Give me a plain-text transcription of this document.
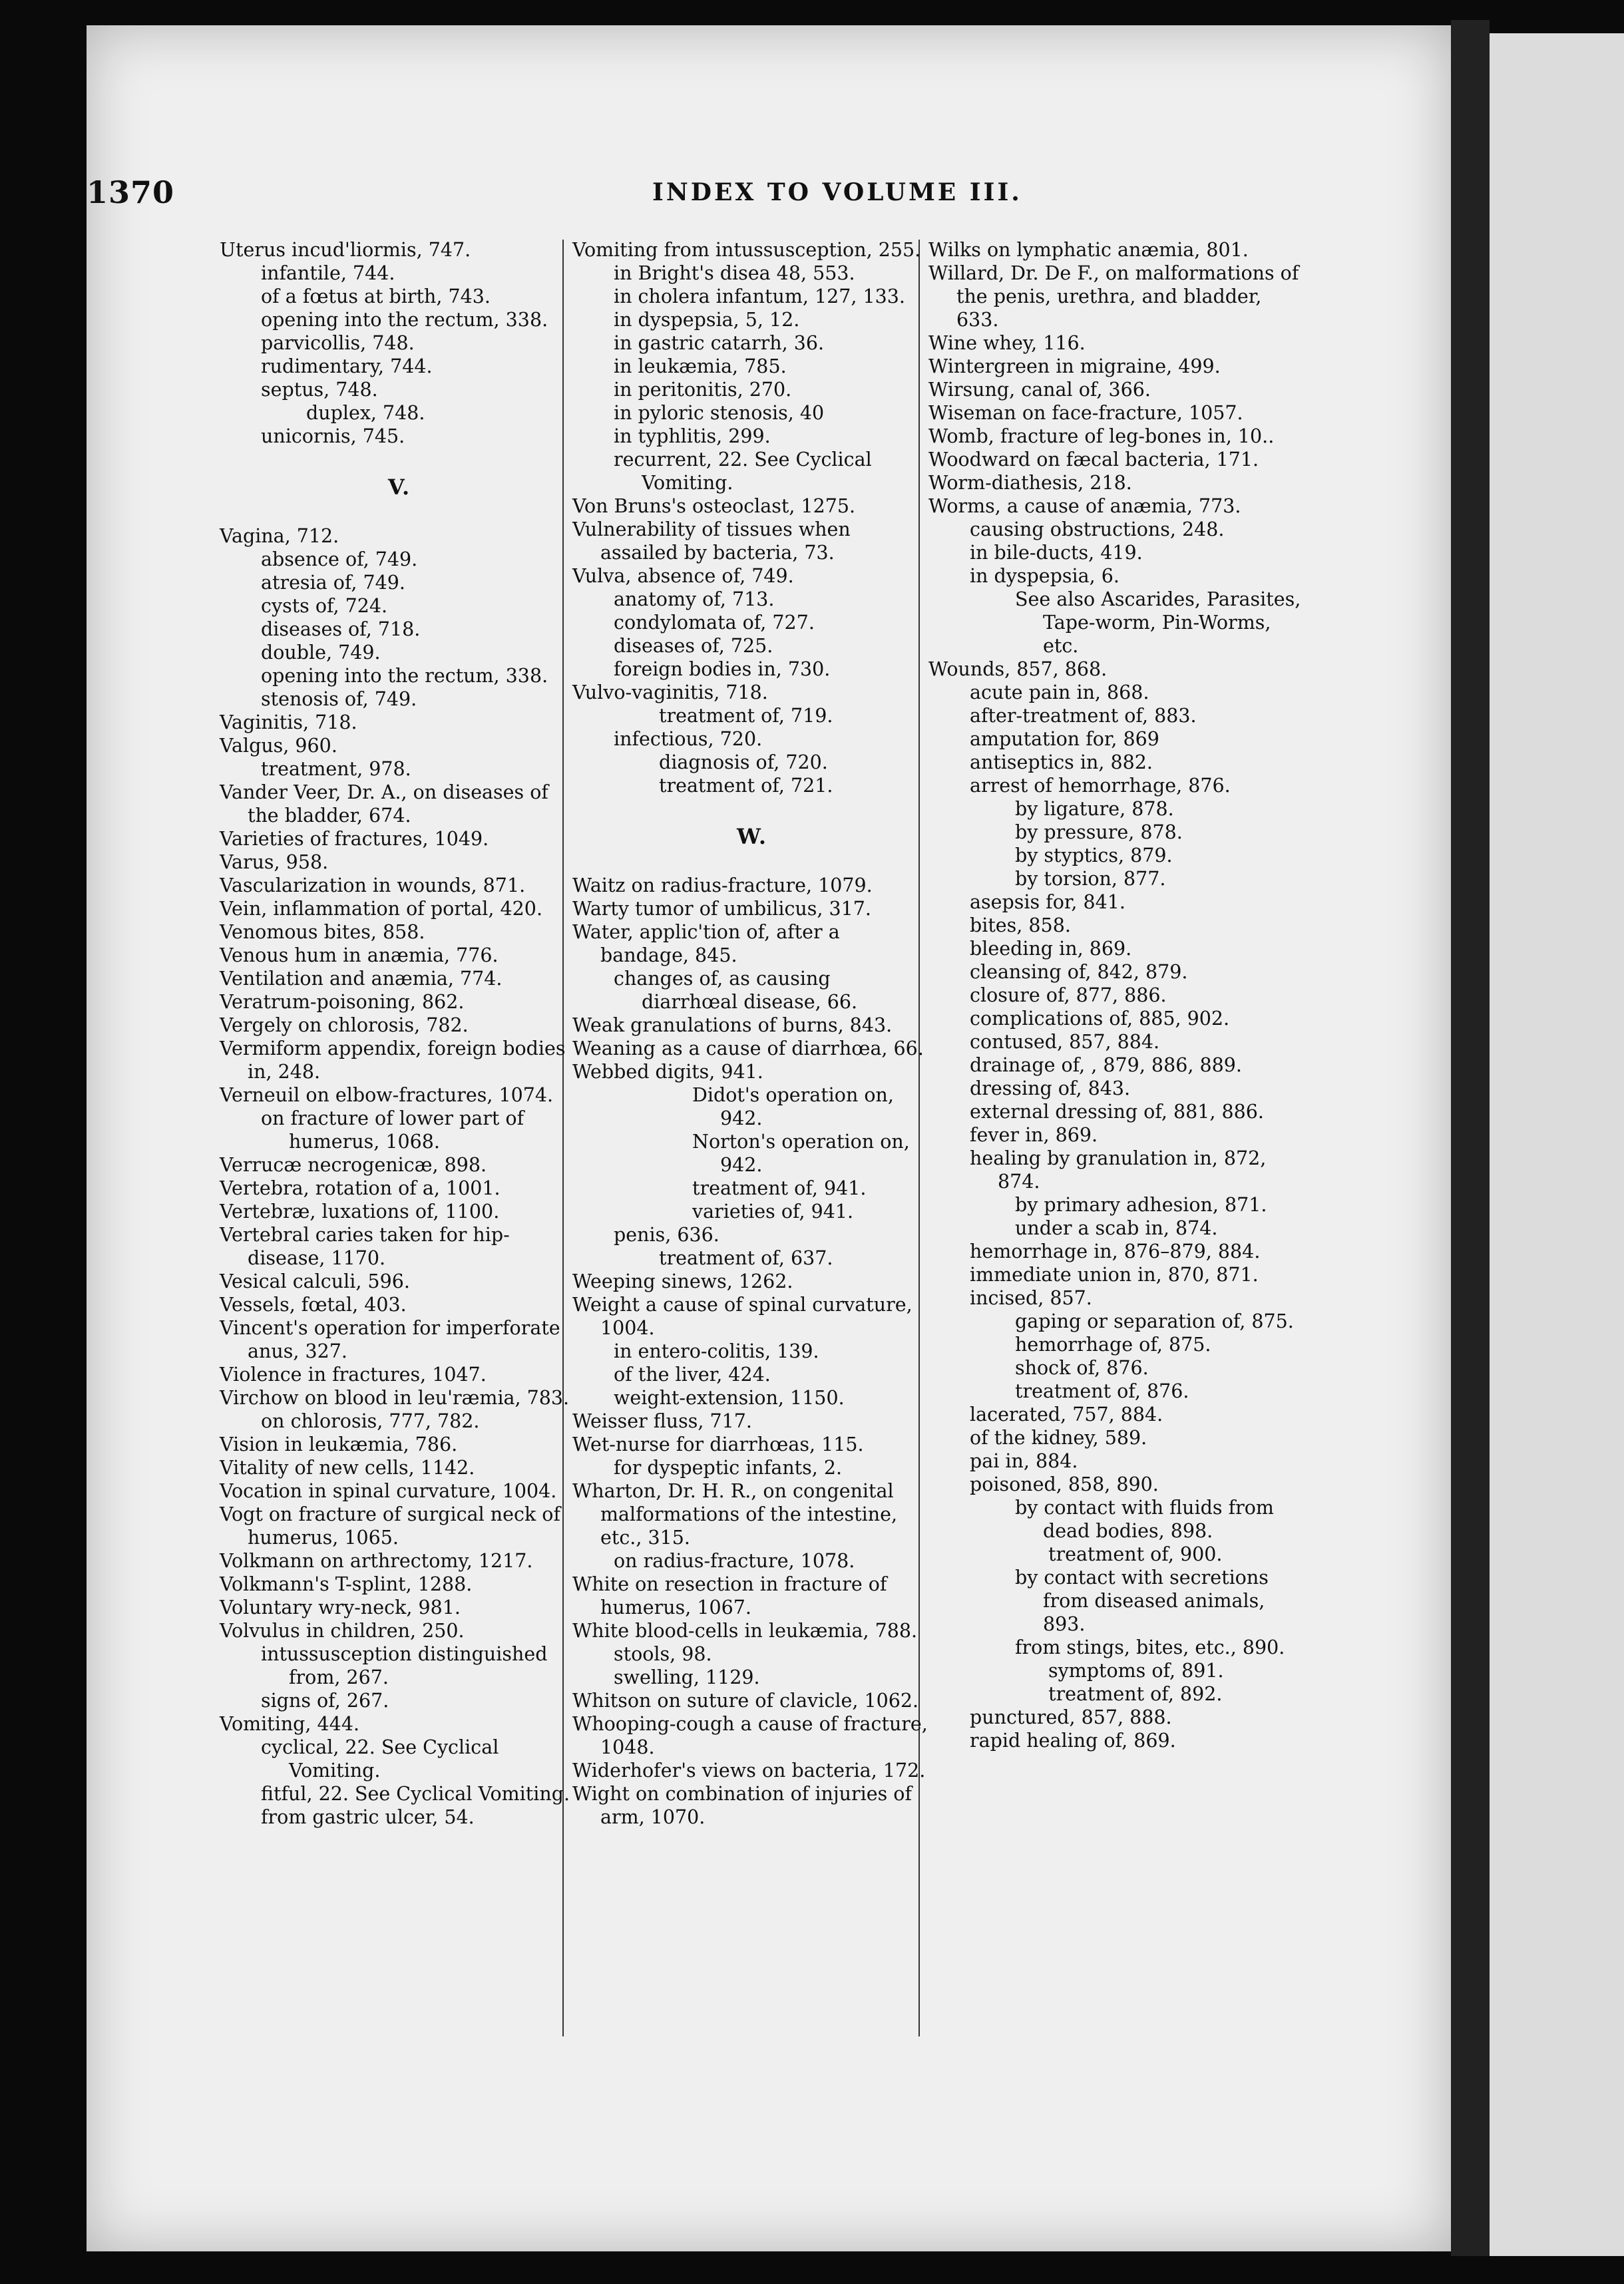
1370	INDEX TO VOLUME III.
Uterus incud'liormis, 747.
infantile, 744.
of a fœtus at birth, 743.
opening into the rectum, 338.
parvicollis, 748.
rudimentary, 744.
septus, 748.
duplex, 748.
unicornis, 745.
V.
Vagina, 712.
absence of, 749.
atresia of, 749.
cysts of, 724.
diseases of, 718.
double, 749.
opening into the rectum, 338.
stenosis of, 749.
Vaginitis, 718.
Valgus, 960.
treatment, 978.
Vander Veer, Dr. A., on diseases of the bladder, 674.
Varieties of fractures, 1049.
Varus, 958.
Vascularization in wounds, 871.
Vein, inflammation of portal, 420.
Venomous bites, 858.
Venous hum in anæmia, 776.
Ventilation and anæmia, 774.
Veratrum-poisoning, 862.
Vergely on chlorosis, 782.
Vermiform appendix, foreign bodies in, 248.
Verneuil on elbow-fractures, 1074.
on fracture of lower part of humerus, 1068.
Verrucæ necrogenicæ, 898.
Vertebra, rotation of a, 1001.
Vertebræ, luxations of, 1100.
Vertebral caries taken for hip-disease, 1170.
Vesical calculi, 596.
Vessels, fœtal, 403.
Vincent's operation for imperforate anus, 327.
Violence in fractures, 1047.
Virchow on blood in leu'ræmia, 783.
on chlorosis, 777, 782.
Vision in leukæmia, 786.
Vitality of new cells, 1142.
Vocation in spinal curvature, 1004.
Vogt on fracture of surgical neck of humerus, 1065.
Volkmann on arthrectomy, 1217.
Volkmann's T-splint, 1288.
Voluntary wry-neck, 981.
Volvulus in children, 250.
intussusception distinguished from, 267.
signs of, 267.
Vomiting, 444.
cyclical, 22. See Cyclical Vomiting.
fitful, 22. See Cyclical Vomiting.
from gastric ulcer, 54.
Vomiting from intussusception, 255.
in Bright's disea 48, 553.
in cholera infantum, 127, 133.
in dyspepsia, 5, 12.
in gastric catarrh, 36.
in leukæmia, 785.
in peritonitis, 270.
in pyloric stenosis, 40
in typhlitis, 299.
recurrent, 22. See Cyclical Vomiting.
Von Bruns's osteoclast, 1275.
Vulnerability of tissues when assailed by bacteria, 73.
Vulva, absence of, 749.
anatomy of, 713.
condylomata of, 727.
diseases of, 725.
foreign bodies in, 730.
Vulvo-vaginitis, 718.
treatment of, 719.
infectious, 720.
diagnosis of, 720.
treatment of, 721.
W.
Waitz on radius-fracture, 1079.
Warty tumor of umbilicus, 317.
Water, applic'tion of, after a bandage, 845.
changes of, as causing diarrhœal disease, 66.
Weak granulations of burns, 843.
Weaning as a cause of diarrhœa, 66.
Webbed digits, 941.
Didot's operation on, 942.
Norton's operation on, 942.
treatment of, 941.
varieties of, 941.
penis, 636.
treatment of, 637.
Weeping sinews, 1262.
Weight a cause of spinal curvature, 1004.
in entero-colitis, 139.
of the liver, 424.
weight-extension, 1150.
Weisser fluss, 717.
Wet-nurse for diarrhœas, 115.
for dyspeptic infants, 2.
Wharton, Dr. H. R., on congenital malformations of the intestine, etc., 315.
on radius-fracture, 1078.
White on resection in fracture of humerus, 1067.
White blood-cells in leukæmia, 788.
stools, 98.
swelling, 1129.
Whitson on suture of clavicle, 1062.
Whooping-cough a cause of fracture, 1048.
Widerhofer's views on bacteria, 172.
Wight on combination of injuries of arm, 1070.
Wilks on lymphatic anæmia, 801.
Willard, Dr. De F., on malformations of the penis, urethra, and bladder, 633.
Wine whey, 116.
Wintergreen in migraine, 499.
Wirsung, canal of, 366.
Wiseman on face-fracture, 1057.
Womb, fracture of leg-bones in, 10..
Woodward on fæcal bacteria, 171.
Worm-diathesis, 218.
Worms, a cause of anæmia, 773.
causing obstructions, 248.
in bile-ducts, 419.
in dyspepsia, 6.
See also Ascarides, Parasites, Tape-worm, Pin-Worms, etc.
Wounds, 857, 868.
acute pain in, 868.
after-treatment of, 883.
amputation for, 869
antiseptics in, 882.
arrest of hemorrhage, 876.
by ligature, 878.
by pressure, 878.
by styptics, 879.
by torsion, 877.
asepsis for, 841.
bites, 858.
bleeding in, 869.
cleansing of, 842, 879.
closure of, 877, 886.
complications of, 885, 902.
contused, 857, 884.
drainage of, , 879, 886, 889.
dressing of, 843.
external dressing of, 881, 886.
fever in, 869.
healing by granulation in, 872, 874.
by primary adhesion, 871.
under a scab in, 874.
hemorrhage in, 876–879, 884.
immediate union in, 870, 871.
incised, 857.
gaping or separation of, 875.
hemorrhage of, 875.
shock of, 876.
treatment of, 876.
lacerated, 757, 884.
of the kidney, 589.
pai in, 884.
poisoned, 858, 890.
by contact with fluids from dead bodies, 898.
treatment of, 900.
by contact with secretions from diseased animals, 893.
from stings, bites, etc., 890.
symptoms of, 891.
treatment of, 892.
punctured, 857, 888.
rapid healing of, 869.
